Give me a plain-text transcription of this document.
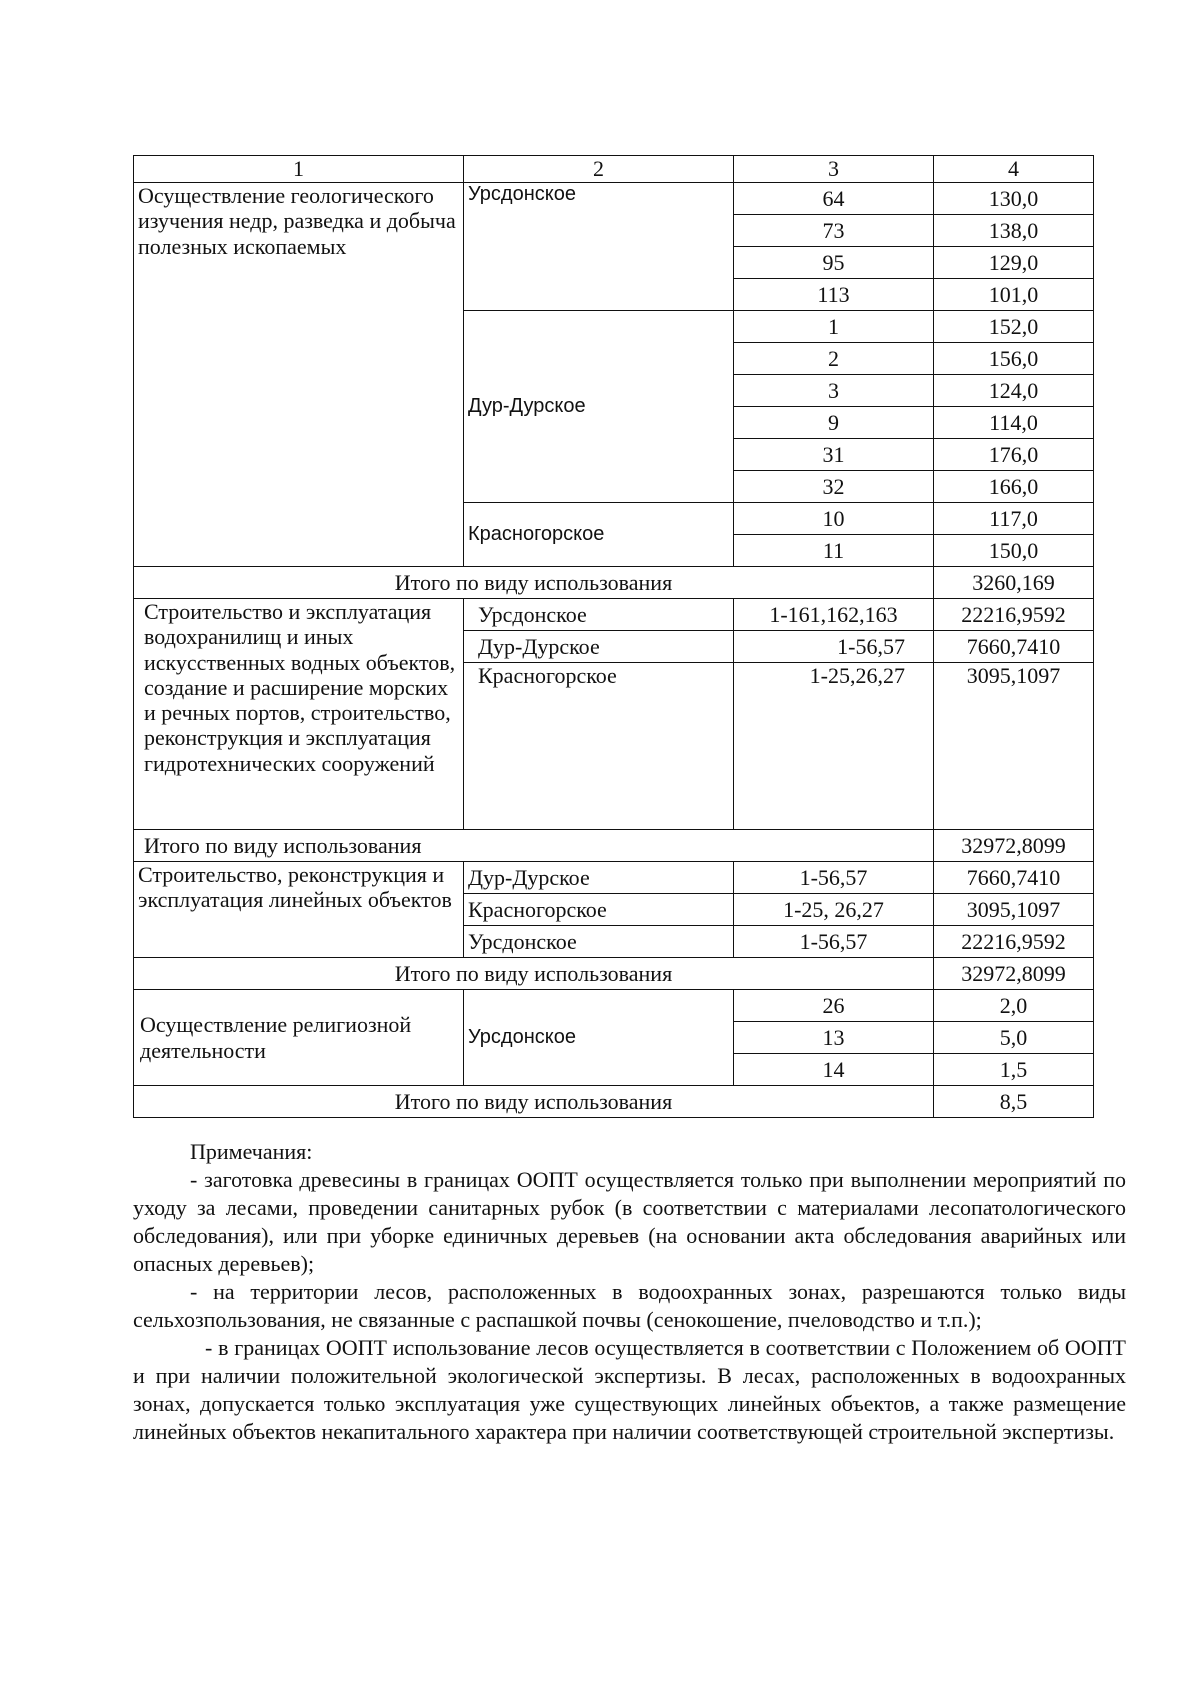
1	2	3	4
Осуществление геологического изучения недр, разведка и добыча полезных ископаемых	Урсдонское	64	130,0
		73	138,0
		95	129,0
		113	101,0
	Дур-Дурское	1	152,0
		2	156,0
		3	124,0
		9	114,0
		31	176,0
		32	166,0
	Красногорское	10	117,0
		11	150,0
Итого по виду использования			3260,169
Строительство и эксплуатация водохранилищ и иных искусственных водных объектов, создание и расширение морских и речных портов, строительство, реконструкция и эксплуатация гидротехнических сооружений	Урсдонское	1-161,162,163	22216,9592
	Дур-Дурское	1-56,57	7660,7410
	Красногорское	1-25,26,27	3095,1097
Итого по виду использования			32972,8099
Строительство, реконструкция и эксплуатация линейных объектов	Дур-Дурское	1-56,57	7660,7410
	Красногорское	1-25, 26,27	3095,1097
	Урсдонское	1-56,57	22216,9592
Итого по виду использования			32972,8099
Осуществление религиозной деятельности	Урсдонское	26	2,0
		13	5,0
		14	1,5
Итого по виду использования			8,5

Примечания:

- заготовка древесины в границах ООПТ осуществляется только при выполнении мероприятий по уходу за лесами, проведении санитарных рубок (в соответствии с материалами лесопатологического обследования), или при уборке единичных деревьев (на основании акта обследования аварийных или опасных деревьев);

- на территории лесов, расположенных в водоохранных зонах, разрешаются только виды сельхозпользования, не связанные с распашкой почвы (сенокошение, пчеловодство и т.п.);

- в границах ООПТ использование лесов осуществляется в соответствии с Положением об ООПТ и при наличии положительной экологической экспертизы. В лесах, расположенных в водоохранных зонах, допускается только эксплуатация уже существующих линейных объектов, а также размещение линейных объектов некапитального характера при наличии соответствующей строительной экспертизы.
